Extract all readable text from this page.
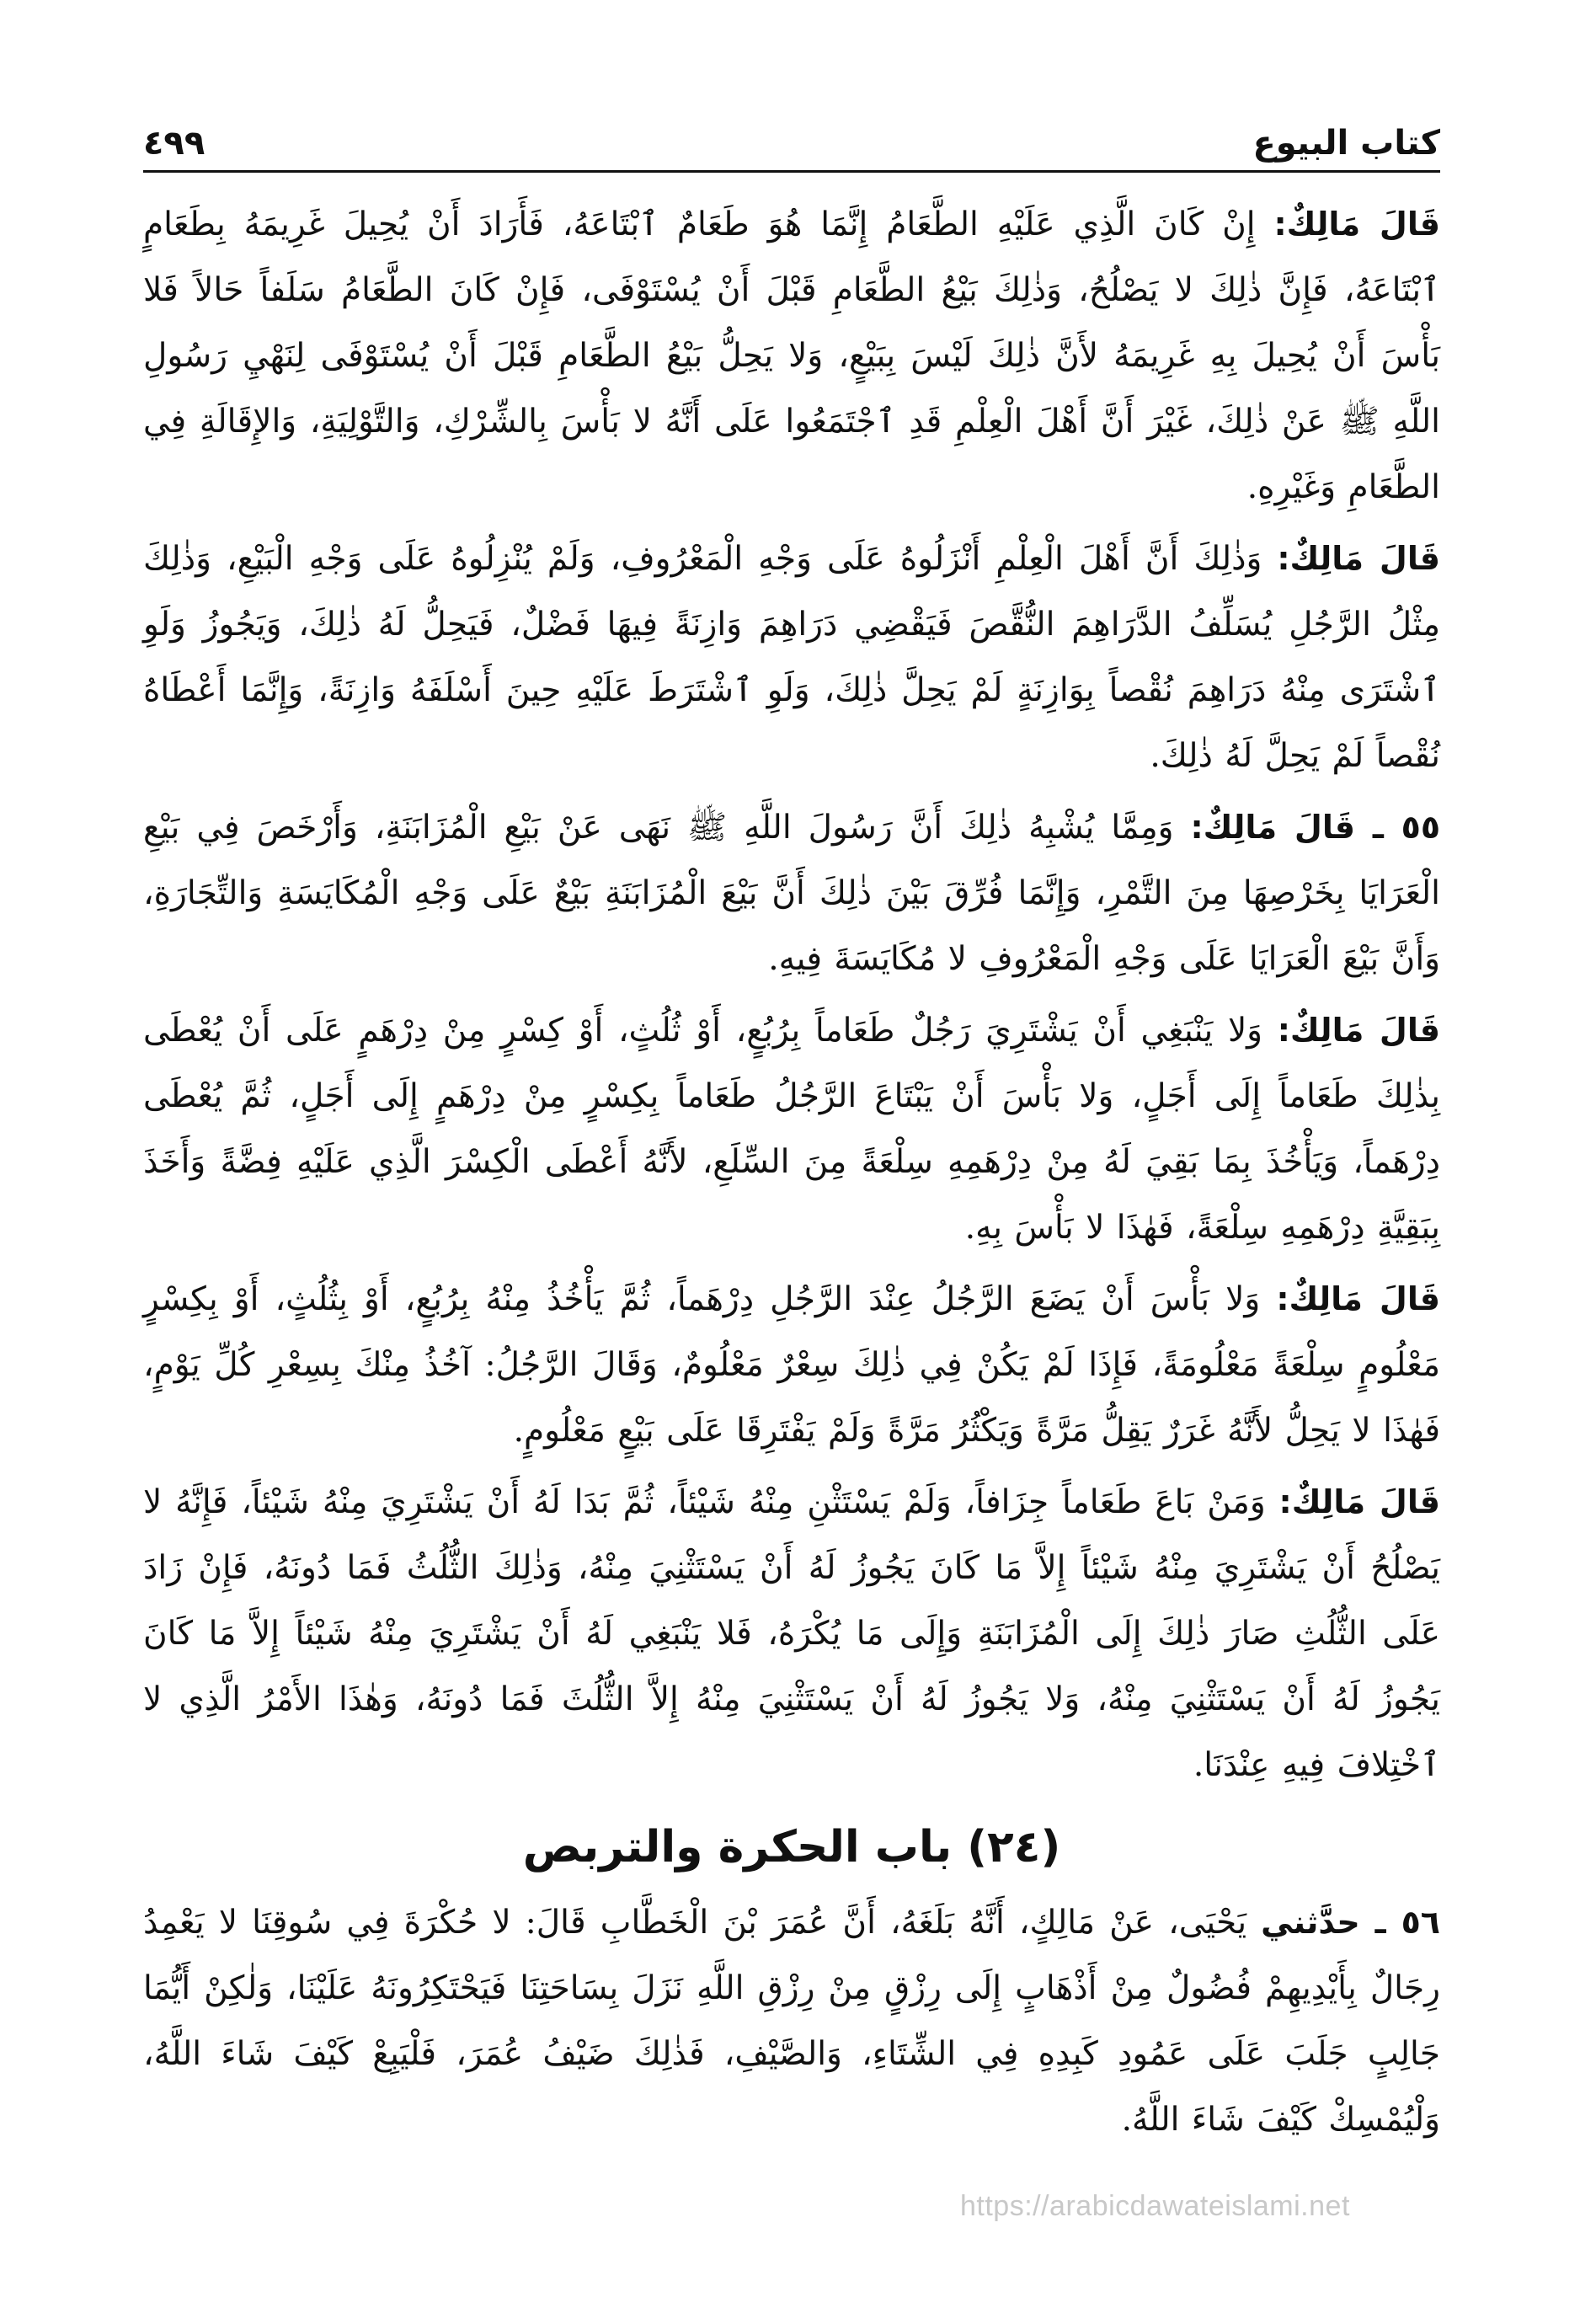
كتاب البيوع
٤٩٩

قَالَ مَالِكٌ: إِنْ كَانَ الَّذِي عَلَيْهِ الطَّعَامُ إِنَّمَا هُوَ طَعَامٌ ٱبْتَاعَهُ، فَأَرَادَ أَنْ يُحِيلَ غَرِيمَهُ بِطَعَامٍ ٱبْتَاعَهُ، فَإِنَّ ذٰلِكَ لا يَصْلُحُ، وَذٰلِكَ بَيْعُ الطَّعَامِ قَبْلَ أَنْ يُسْتَوْفَى، فَإِنْ كَانَ الطَّعَامُ سَلَفاً حَالاً فَلا بَأْسَ أَنْ يُحِيلَ بِهِ غَرِيمَهُ لأَنَّ ذٰلِكَ لَيْسَ بِبَيْعٍ، وَلا يَحِلُّ بَيْعُ الطَّعَامِ قَبْلَ أَنْ يُسْتَوْفَى لِنَهْيِ رَسُولِ اللَّهِ ﷺ عَنْ ذٰلِكَ، غَيْرَ أَنَّ أَهْلَ الْعِلْمِ قَدِ ٱجْتَمَعُوا عَلَى أَنَّهُ لا بَأْسَ بِالشِّرْكِ، وَالتَّوْلِيَةِ، وَالإِقَالَةِ فِي الطَّعَامِ وَغَيْرِهِ.

قَالَ مَالِكٌ: وَذٰلِكَ أَنَّ أَهْلَ الْعِلْمِ أَنْزَلُوهُ عَلَى وَجْهِ الْمَعْرُوفِ، وَلَمْ يُنْزِلُوهُ عَلَى وَجْهِ الْبَيْعِ، وَذٰلِكَ مِثْلُ الرَّجُلِ يُسَلِّفُ الدَّرَاهِمَ النُّقَّصَ فَيَقْضِي دَرَاهِمَ وَازِنَةً فِيهَا فَضْلٌ، فَيَحِلُّ لَهُ ذٰلِكَ، وَيَجُوزُ وَلَوِ ٱشْتَرَى مِنْهُ دَرَاهِمَ نُقْصاً بِوَازِنَةٍ لَمْ يَحِلَّ ذٰلِكَ، وَلَوِ ٱشْتَرَطَ عَلَيْهِ حِينَ أَسْلَفَهُ وَازِنَةً، وَإِنَّمَا أَعْطَاهُ نُقْصاً لَمْ يَحِلَّ لَهُ ذٰلِكَ.

٥٥ ـ قَالَ مَالِكٌ: وَمِمَّا يُشْبِهُ ذٰلِكَ أَنَّ رَسُولَ اللَّهِ ﷺ نَهَى عَنْ بَيْعِ الْمُزَابَنَةِ، وَأَرْخَصَ فِي بَيْعِ الْعَرَايَا بِخَرْصِهَا مِنَ التَّمْرِ، وَإِنَّمَا فُرِّقَ بَيْنَ ذٰلِكَ أَنَّ بَيْعَ الْمُزَابَنَةِ بَيْعٌ عَلَى وَجْهِ الْمُكَايَسَةِ وَالتِّجَارَةِ، وَأَنَّ بَيْعَ الْعَرَايَا عَلَى وَجْهِ الْمَعْرُوفِ لا مُكَايَسَةَ فِيهِ.

قَالَ مَالِكٌ: وَلا يَنْبَغِي أَنْ يَشْتَرِيَ رَجُلٌ طَعَاماً بِرُبُعٍ، أَوْ ثُلُثٍ، أَوْ كِسْرٍ مِنْ دِرْهَمٍ عَلَى أَنْ يُعْطَى بِذٰلِكَ طَعَاماً إِلَى أَجَلٍ، وَلا بَأْسَ أَنْ يَبْتَاعَ الرَّجُلُ طَعَاماً بِكِسْرٍ مِنْ دِرْهَمٍ إِلَى أَجَلٍ، ثُمَّ يُعْطَى دِرْهَماً، وَيَأْخُذَ بِمَا بَقِيَ لَهُ مِنْ دِرْهَمِهِ سِلْعَةً مِنَ السِّلَعِ، لأَنَّهُ أَعْطَى الْكِسْرَ الَّذِي عَلَيْهِ فِضَّةً وَأَخَذَ بِبَقِيَّةِ دِرْهَمِهِ سِلْعَةً، فَهٰذَا لا بَأْسَ بِهِ.

قَالَ مَالِكٌ: وَلا بَأْسَ أَنْ يَضَعَ الرَّجُلُ عِنْدَ الرَّجُلِ دِرْهَماً، ثُمَّ يَأْخُذُ مِنْهُ بِرُبُعٍ، أَوْ بِثُلُثٍ، أَوْ بِكِسْرٍ مَعْلُومٍ سِلْعَةً مَعْلُومَةً، فَإِذَا لَمْ يَكُنْ فِي ذٰلِكَ سِعْرٌ مَعْلُومٌ، وَقَالَ الرَّجُلُ: آخُذُ مِنْكَ بِسِعْرِ كُلِّ يَوْمٍ، فَهٰذَا لا يَحِلُّ لأَنَّهُ غَرَرٌ يَقِلُّ مَرَّةً وَيَكْثُرُ مَرَّةً وَلَمْ يَفْتَرِقَا عَلَى بَيْعٍ مَعْلُومٍ.

قَالَ مَالِكٌ: وَمَنْ بَاعَ طَعَاماً جِزَافاً، وَلَمْ يَسْتَثْنِ مِنْهُ شَيْئاً، ثُمَّ بَدَا لَهُ أَنْ يَشْتَرِيَ مِنْهُ شَيْئاً، فَإِنَّهُ لا يَصْلُحُ أَنْ يَشْتَرِيَ مِنْهُ شَيْئاً إِلاَّ مَا كَانَ يَجُوزُ لَهُ أَنْ يَسْتَثْنِيَ مِنْهُ، وَذٰلِكَ الثُّلُثُ فَمَا دُونَهُ، فَإِنْ زَادَ عَلَى الثُّلُثِ صَارَ ذٰلِكَ إِلَى الْمُزَابَنَةِ وَإِلَى مَا يُكْرَهُ، فَلا يَنْبَغِي لَهُ أَنْ يَشْتَرِيَ مِنْهُ شَيْئاً إِلاَّ مَا كَانَ يَجُوزُ لَهُ أَنْ يَسْتَثْنِيَ مِنْهُ، وَلا يَجُوزُ لَهُ أَنْ يَسْتَثْنِيَ مِنْهُ إِلاَّ الثُّلُثَ فَمَا دُونَهُ، وَهٰذَا الأَمْرُ الَّذِي لا ٱخْتِلافَ فِيهِ عِنْدَنَا.

(٢٤) باب الحكرة والتربص

٥٦ ـ حدَّثني يَحْيَى، عَنْ مَالِكٍ، أَنَّهُ بَلَغَهُ، أَنَّ عُمَرَ بْنَ الْخَطَّابِ قَالَ: لا حُكْرَةَ فِي سُوقِنَا لا يَعْمِدُ رِجَالٌ بِأَيْدِيهِمْ فُضُولٌ مِنْ أَذْهَابٍ إِلَى رِزْقٍ مِنْ رِزْقِ اللَّهِ نَزَلَ بِسَاحَتِنَا فَيَحْتَكِرُونَهُ عَلَيْنَا، وَلٰكِنْ أَيُّمَا جَالِبٍ جَلَبَ عَلَى عَمُودِ كَبِدِهِ فِي الشِّتَاءِ، وَالصَّيْفِ، فَذٰلِكَ ضَيْفُ عُمَرَ، فَلْيَبِعْ كَيْفَ شَاءَ اللَّهُ، وَلْيُمْسِكْ كَيْفَ شَاءَ اللَّهُ.

https://arabicdawateislami.net
